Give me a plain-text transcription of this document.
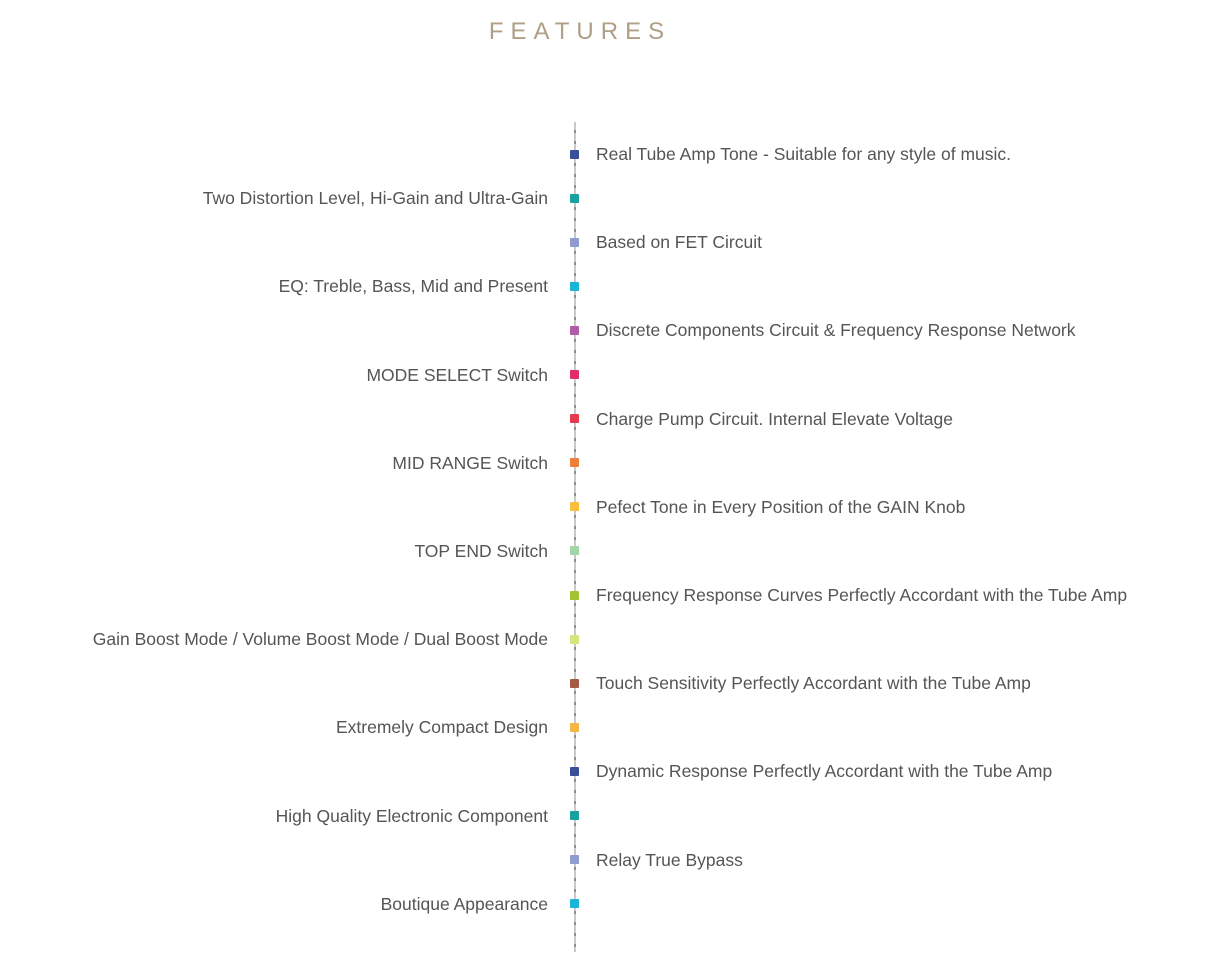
FEATURES
Real Tube Amp Tone - Suitable for any style of music.
Two Distortion Level, Hi-Gain and Ultra-Gain
Based on FET Circuit
EQ: Treble, Bass, Mid and Present
Discrete Components Circuit & Frequency Response Network
MODE SELECT Switch
Charge Pump Circuit. Internal Elevate Voltage
MID RANGE Switch
Pefect Tone in Every Position of the GAIN Knob
TOP END Switch
Frequency Response Curves Perfectly Accordant with the Tube Amp
Gain Boost Mode / Volume Boost Mode / Dual Boost Mode
Touch Sensitivity Perfectly Accordant with the Tube Amp
Extremely Compact Design
Dynamic Response Perfectly Accordant with the Tube Amp
High Quality Electronic Component
Relay True Bypass
Boutique Appearance
